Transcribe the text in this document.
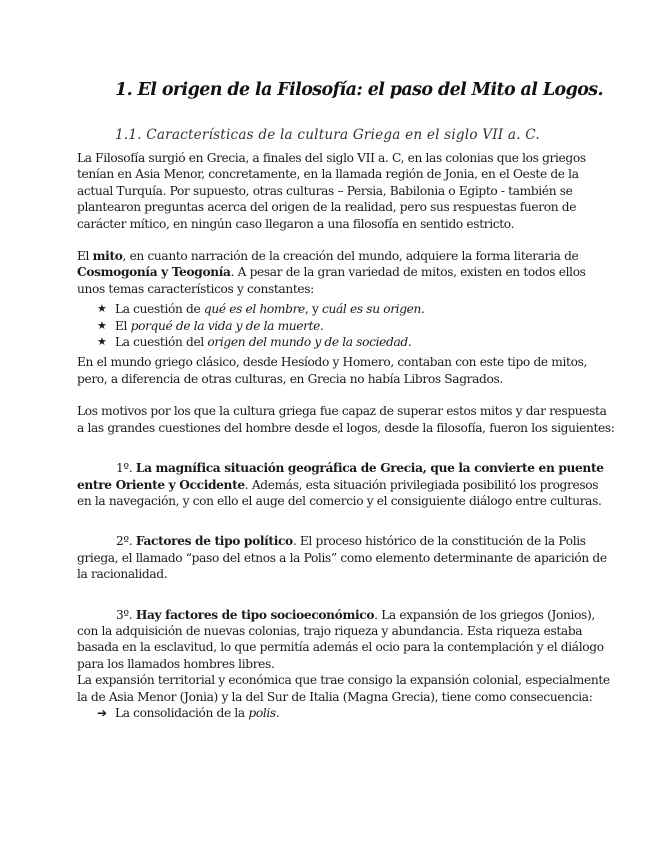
1. El origen de la Filosofía: el paso del Mito al Logos.
1.1. Características de la cultura Griega en el siglo VII a. C.

La Filosofía surgió en Grecia, a finales del siglo VII a. C, en las colonias que los griegos tenían en Asia Menor, concretamente, en la llamada región de Jonia, en el Oeste de la actual Turquía. Por supuesto, otras culturas – Persia, Babilonia o Egipto - también se plantearon preguntas acerca del origen de la realidad, pero sus respuestas fueron de carácter mítico, en ningún caso llegaron a una filosofía en sentido estricto.

El mito, en cuanto narración de la creación del mundo, adquiere la forma literaria de Cosmogonía y Teogonía. A pesar de la gran variedad de mitos, existen en todos ellos unos temas característicos y constantes:

★ La cuestión de qué es el hombre, y cuál es su origen.
★ El porqué de la vida y de la muerte.
★ La cuestión del origen del mundo y de la sociedad.

En el mundo griego clásico, desde Hesíodo y Homero, contaban con este tipo de mitos, pero, a diferencia de otras culturas, en Grecia no había Libros Sagrados.

Los motivos por los que la cultura griega fue capaz de superar estos mitos y dar respuesta a las grandes cuestiones del hombre desde el logos, desde la filosofía, fueron los siguientes:

1º. La magnífica situación geográfica de Grecia, que la convierte en puente entre Oriente y Occidente. Además, esta situación privilegiada posibilitó los progresos en la navegación, y con ello el auge del comercio y el consiguiente diálogo entre culturas.

2º. Factores de tipo político. El proceso histórico de la constitución de la Polis griega, el llamado “paso del etnos a la Polis” como elemento determinante de aparición de la racionalidad.

3º. Hay factores de tipo socioeconómico. La expansión de los griegos (Jonios), con la adquisición de nuevas colonias, trajo riqueza y abundancia. Esta riqueza estaba basada en la esclavitud, lo que permitía además el ocio para la contemplación y el diálogo para los llamados hombres libres.

La expansión territorial y económica que trae consigo la expansión colonial, especialmente la de Asia Menor (Jonia) y la del Sur de Italia (Magna Grecia), tiene como consecuencia:

➔ La consolidación de la polis.
